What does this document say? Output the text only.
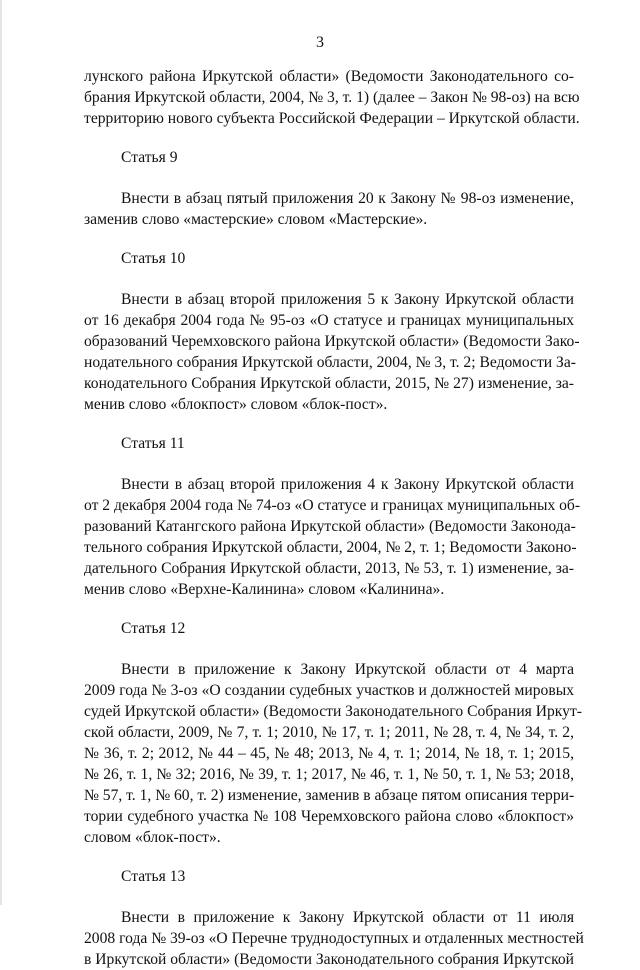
3

лунского района Иркутской области» (Ведомости Законодательного со-
брания Иркутской области, 2004, № 3, т. 1) (далее – Закон № 98-оз) на всю
территорию нового субъекта Российской Федерации – Иркутской области.

Статья 9

Внести в абзац пятый приложения 20 к Закону № 98-оз изменение,
заменив слово «мастерские» словом «Мастерские».

Статья 10

Внести в абзац второй приложения 5 к Закону Иркутской области
от 16 декабря 2004 года № 95-оз «О статусе и границах муниципальных
образований Черемховского района Иркутской области» (Ведомости Зако-
нодательного собрания Иркутской области, 2004, № 3, т. 2; Ведомости За-
конодательного Собрания Иркутской области, 2015, № 27) изменение, за-
менив слово «блокпост» словом «блок-пост».

Статья 11

Внести в абзац второй приложения 4 к Закону Иркутской области
от 2 декабря 2004 года № 74-оз «О статусе и границах муниципальных об-
разований Катангского района Иркутской области» (Ведомости Законода-
тельного собрания Иркутской области, 2004, № 2, т. 1; Ведомости Законо-
дательного Собрания Иркутской области, 2013, № 53, т. 1) изменение, за-
менив слово «Верхне-Калинина» словом «Калинина».

Статья 12

Внести в приложение к Закону Иркутской области от 4 марта
2009 года № 3-оз «О создании судебных участков и должностей мировых
судей Иркутской области» (Ведомости Законодательного Собрания Иркут-
ской области, 2009, № 7, т. 1; 2010, № 17, т. 1; 2011, № 28, т. 4, № 34, т. 2,
№ 36, т. 2; 2012, № 44 – 45, № 48; 2013, № 4, т. 1; 2014, № 18, т. 1; 2015,
№ 26, т. 1, № 32; 2016, № 39, т. 1; 2017, № 46, т. 1, № 50, т. 1, № 53; 2018,
№ 57, т. 1, № 60, т. 2) изменение, заменив в абзаце пятом описания терри-
тории судебного участка № 108 Черемховского района слово «блокпост»
словом «блок-пост».

Статья 13

Внести в приложение к Закону Иркутской области от 11 июля
2008 года № 39-оз «О Перечне труднодоступных и отдаленных местностей
в Иркутской области» (Ведомости Законодательного собрания Иркутской
